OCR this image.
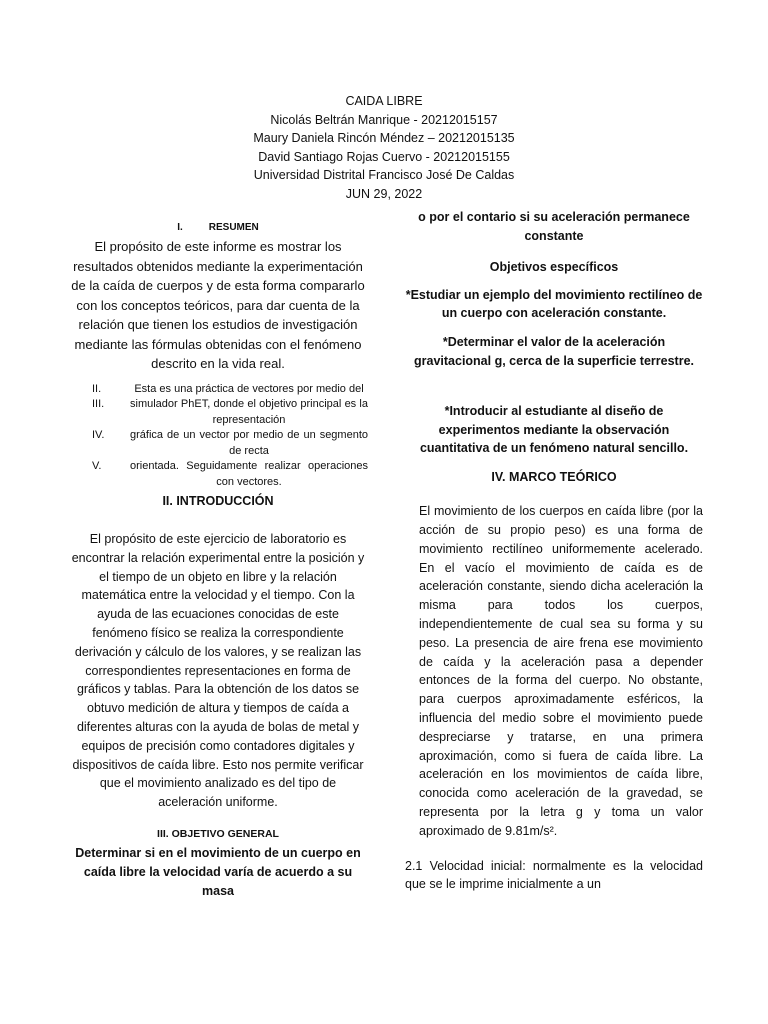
CAIDA LIBRE
Nicolás Beltrán Manrique - 20212015157
Maury Daniela Rincón Méndez – 20212015135
David Santiago Rojas Cuervo - 20212015155
Universidad Distrital Francisco José De Caldas
JUN 29, 2022
I.	RESUMEN

El propósito de este informe es mostrar los resultados obtenidos mediante la experimentación de la caída de cuerpos y de esta forma compararlo con los conceptos teóricos, para dar cuenta de la relación que tienen los estudios de investigación mediante las fórmulas obtenidas con el fenómeno descrito en la vida real.

II.	Esta es una práctica de vectores por medio del
III.	simulador PhET, donde el objetivo principal es la representación
IV.	gráfica de un vector por medio de un segmento de recta
V.	orientada. Seguidamente realizar operaciones con vectores.
II. INTRODUCCIÓN

El propósito de este ejercicio de laboratorio es encontrar la relación experimental entre la posición y el tiempo de un objeto en libre y la relación matemática entre la velocidad y el tiempo. Con la ayuda de las ecuaciones conocidas de este fenómeno físico se realiza la correspondiente derivación y cálculo de los valores, y se realizan las correspondientes representaciones en forma de gráficos y tablas. Para la obtención de los datos se obtuvo medición de altura y tiempos de caída a diferentes alturas con la ayuda de bolas de metal y equipos de precisión como contadores digitales y dispositivos de caída libre. Esto nos permite verificar que el movimiento analizado es del tipo de aceleración uniforme.

III. OBJETIVO GENERAL

Determinar si en el movimiento de un cuerpo en caída libre la velocidad varía de acuerdo a su masa

o por el contario si su aceleración permanece constante

Objetivos específicos

*Estudiar un ejemplo del movimiento rectilíneo de un cuerpo con aceleración constante.

*Determinar el valor de la aceleración gravitacional g, cerca de la superficie terrestre.

*Introducir al estudiante al diseño de experimentos mediante la observación cuantitativa de un fenómeno natural sencillo.

IV. MARCO TEÓRICO

El movimiento de los cuerpos en caída libre (por la acción de su propio peso) es una forma de movimiento rectilíneo uniformemente acelerado. En el vacío el movimiento de caída es de aceleración constante, siendo dicha aceleración la misma para todos los cuerpos, independientemente de cual sea su forma y su peso. La presencia de aire frena ese movimiento de caída y la aceleración pasa a depender entonces de la forma del cuerpo. No obstante, para cuerpos aproximadamente esféricos, la influencia del medio sobre el movimiento puede despreciarse y tratarse, en una primera aproximación, como si fuera de caída libre. La aceleración en los movimientos de caída libre, conocida como aceleración de la gravedad, se representa por la letra g y toma un valor aproximado de 9.81m/s².

2.1 Velocidad inicial: normalmente es la velocidad que se le imprime inicialmente a un
